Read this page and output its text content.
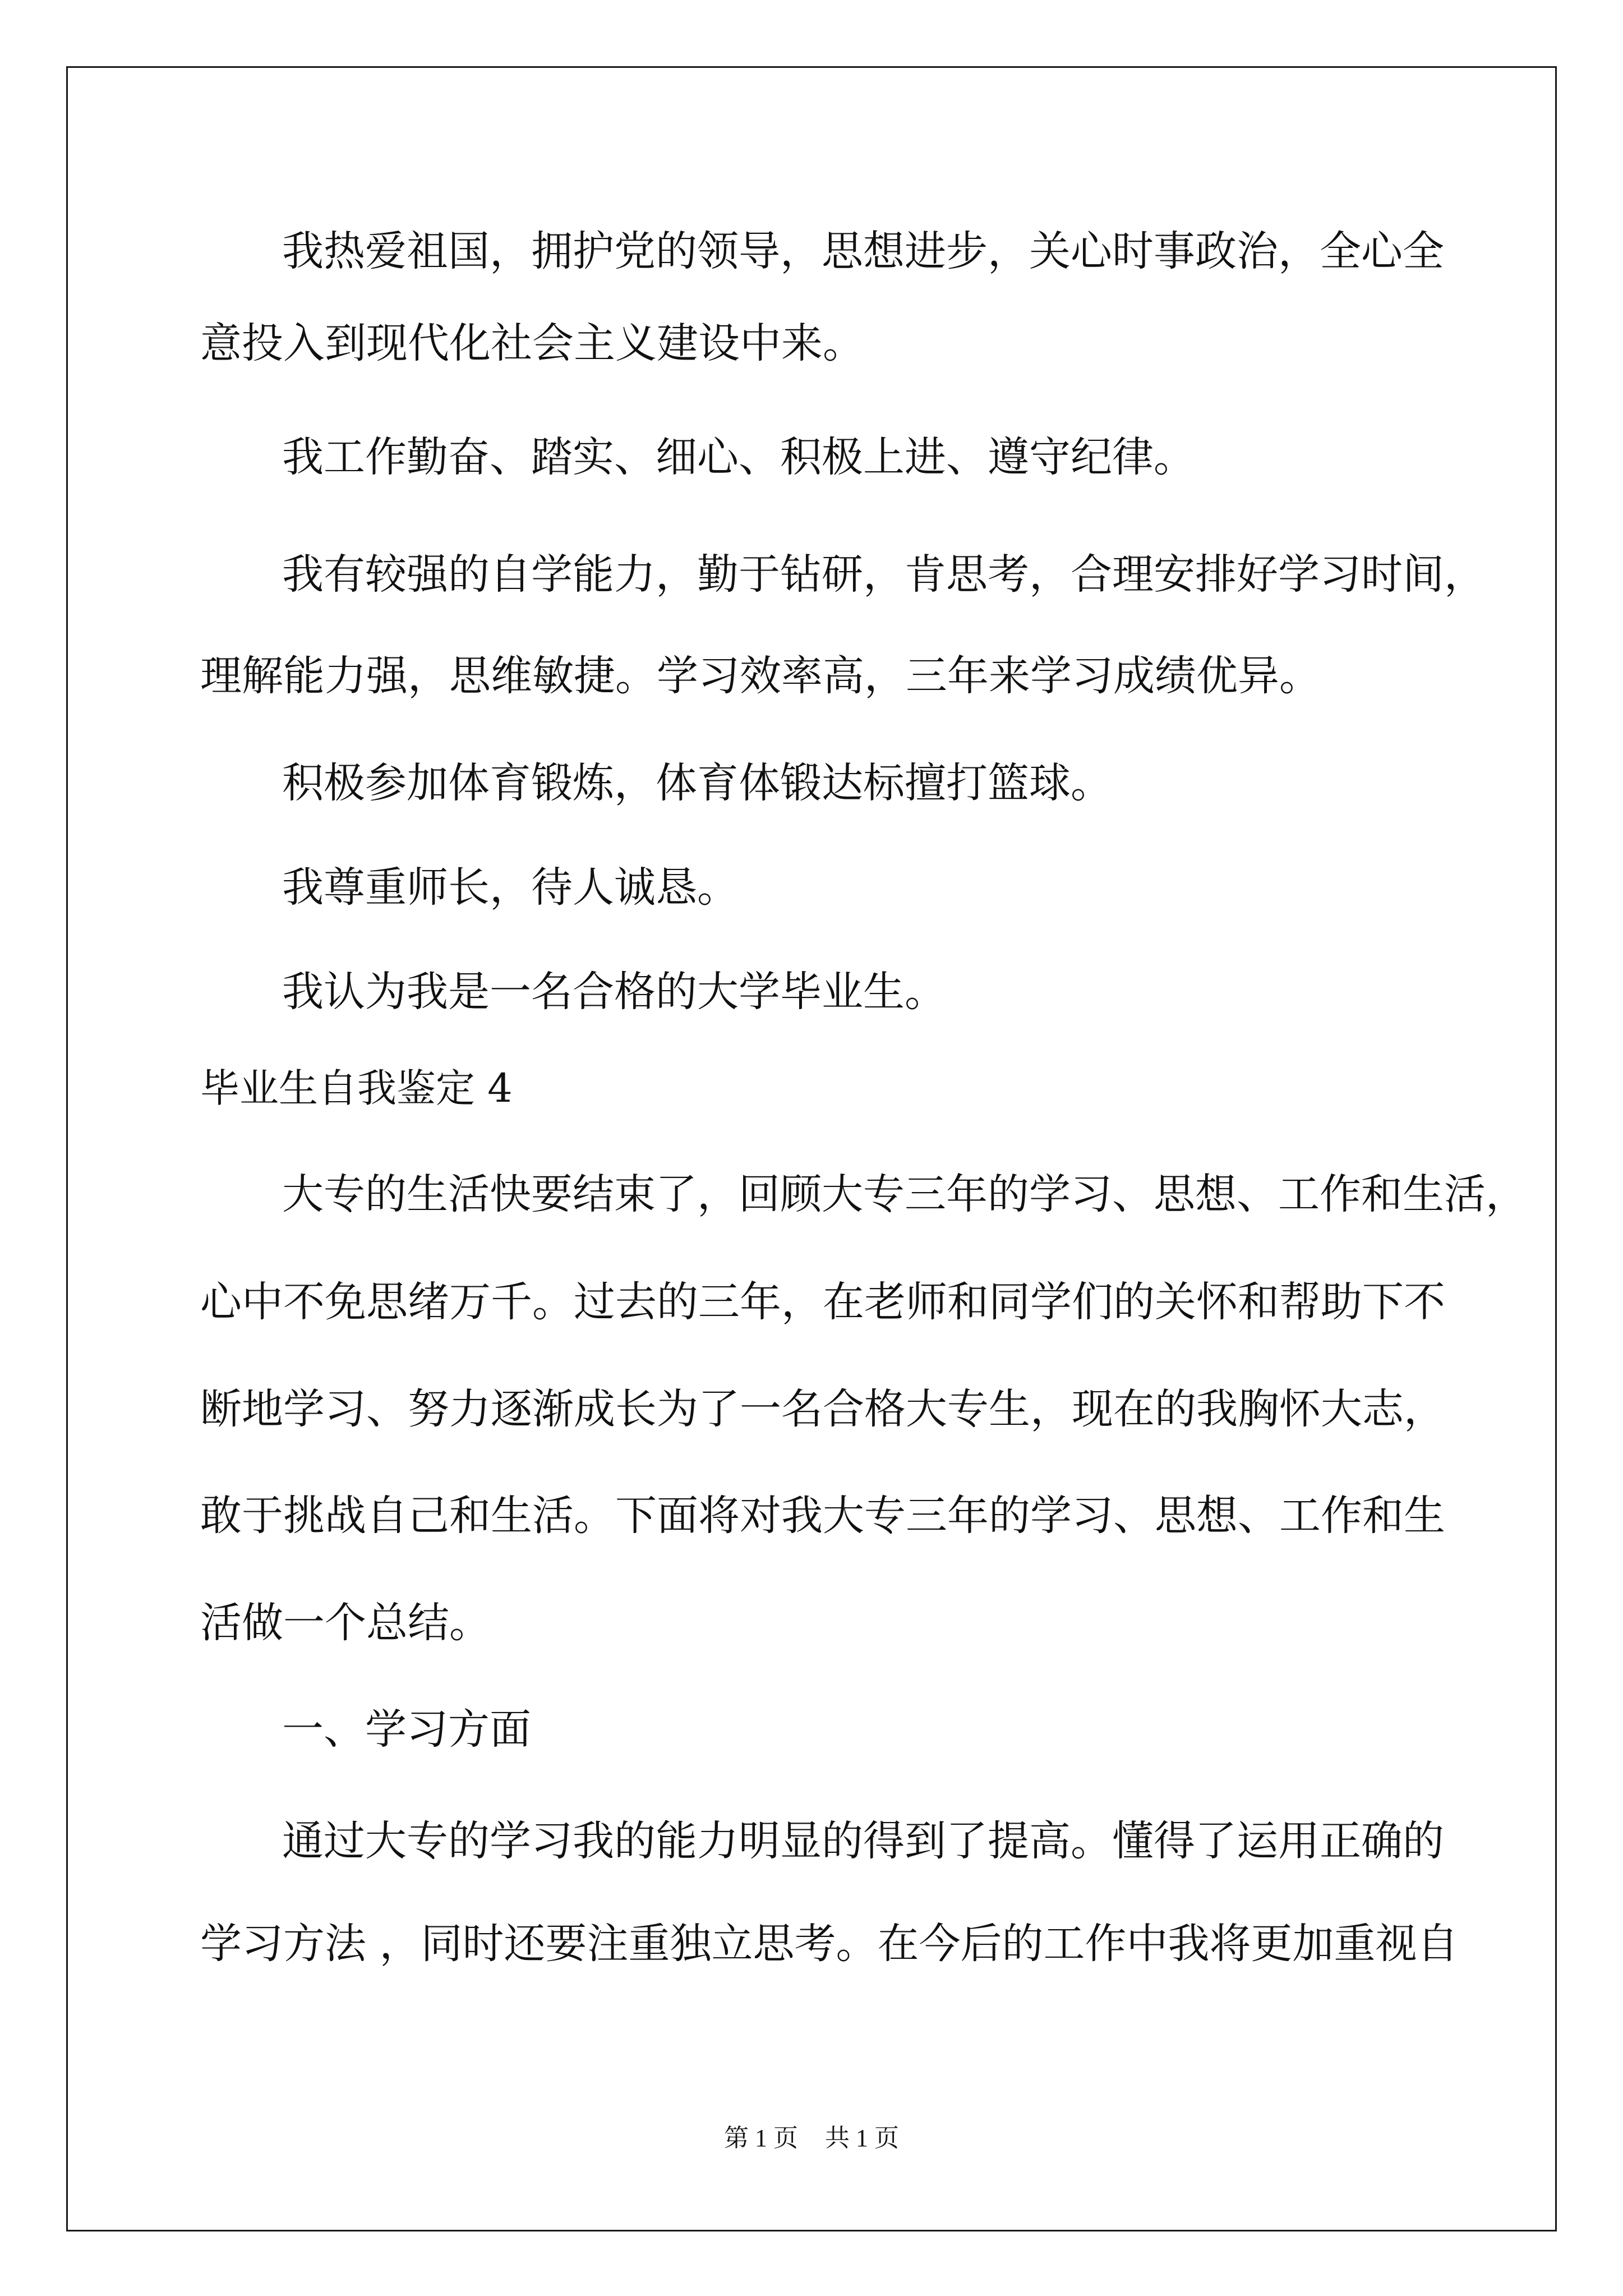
我热爱祖国，拥护党的领导，思想进步，关心时事政治，全心全
意投入到现代化社会主义建设中来。
我工作勤奋、踏实、细心、积极上进、遵守纪律。
我有较强的自学能力，勤于钻研，肯思考，合理安排好学习时间，
理解能力强，思维敏捷。学习效率高，三年来学习成绩优异。
积极参加体育锻炼，体育体锻达标擅打篮球。
我尊重师长，待人诚恳。
我认为我是一名合格的大学毕业生。
毕业生自我鉴定 4
大专的生活快要结束了，回顾大专三年的学习、思想、工作和生活，
心中不免思绪万千。过去的三年，在老师和同学们的关怀和帮助下不
断地学习、努力逐渐成长为了一名合格大专生，现在的我胸怀大志，
敢于挑战自己和生活。下面将对我大专三年的学习、思想、工作和生
活做一个总结。
一、学习方面
通过大专的学习我的能力明显的得到了提高。懂得了运用正确的
学习方法 ，同时还要注重独立思考。在今后的工作中我将更加重视自
第 1 页 共 1 页
